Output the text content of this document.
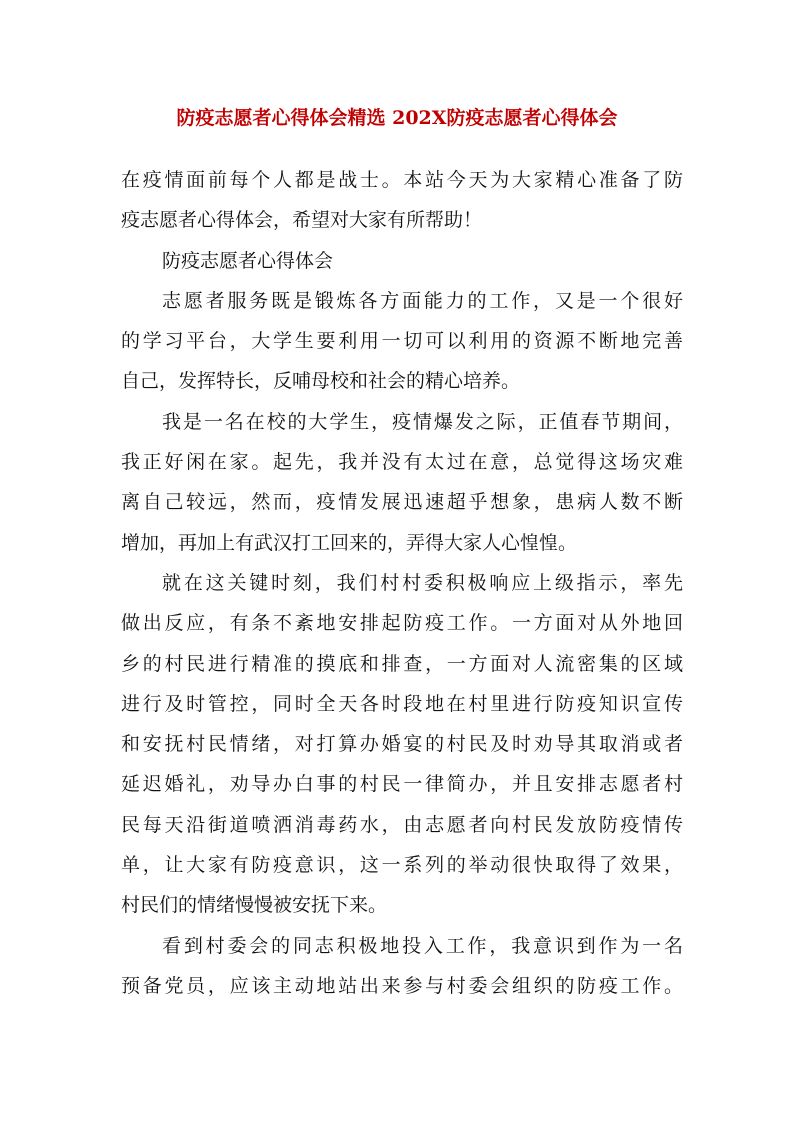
防疫志愿者心得体会精选 202X防疫志愿者心得体会
在疫情面前每个人都是战士。本站今天为大家精心准备了防
疫志愿者心得体会，希望对大家有所帮助！
防疫志愿者心得体会
志愿者服务既是锻炼各方面能力的工作，又是一个很好
的学习平台，大学生要利用一切可以利用的资源不断地完善
自己，发挥特长，反哺母校和社会的精心培养。
我是一名在校的大学生，疫情爆发之际，正值春节期间，
我正好闲在家。起先，我并没有太过在意，总觉得这场灾难
离自己较远，然而，疫情发展迅速超乎想象，患病人数不断
增加，再加上有武汉打工回来的，弄得大家人心惶惶。
就在这关键时刻，我们村村委积极响应上级指示，率先
做出反应，有条不紊地安排起防疫工作。一方面对从外地回
乡的村民进行精准的摸底和排查，一方面对人流密集的区域
进行及时管控，同时全天各时段地在村里进行防疫知识宣传
和安抚村民情绪，对打算办婚宴的村民及时劝导其取消或者
延迟婚礼，劝导办白事的村民一律简办，并且安排志愿者村
民每天沿街道喷洒消毒药水，由志愿者向村民发放防疫情传
单，让大家有防疫意识，这一系列的举动很快取得了效果，
村民们的情绪慢慢被安抚下来。
看到村委会的同志积极地投入工作，我意识到作为一名
预备党员，应该主动地站出来参与村委会组织的防疫工作。
